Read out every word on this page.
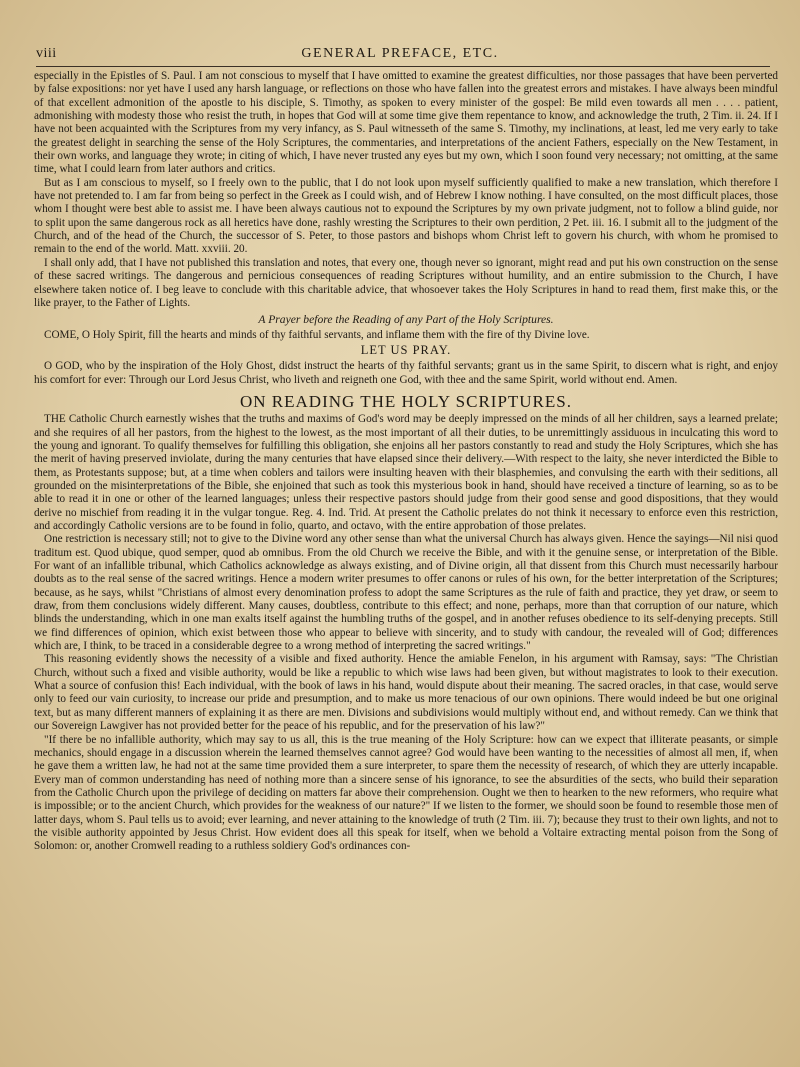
viii	GENERAL PREFACE, ETC.

especially in the Epistles of S. Paul. I am not conscious to myself that I have omitted to examine the greatest difficulties, nor those passages that have been perverted by false expositions: nor yet have I used any harsh language, or reflections on those who have fallen into the greatest errors and mistakes. I have always been mindful of that excellent admonition of the apostle to his disciple, S. Timothy, as spoken to every minister of the gospel: Be mild even towards all men . . . . patient, admonishing with modesty those who resist the truth, in hopes that God will at some time give them repentance to know, and acknowledge the truth, 2 Tim. ii. 24. If I have not been acquainted with the Scriptures from my very infancy, as S. Paul witnesseth of the same S. Timothy, my inclinations, at least, led me very early to take the greatest delight in searching the sense of the Holy Scriptures, the commentaries, and interpretations of the ancient Fathers, especially on the New Testament, in their own works, and language they wrote; in citing of which, I have never trusted any eyes but my own, which I soon found very necessary; not omitting, at the same time, what I could learn from later authors and critics.

But as I am conscious to myself, so I freely own to the public, that I do not look upon myself sufficiently qualified to make a new translation, which therefore I have not pretended to. I am far from being so perfect in the Greek as I could wish, and of Hebrew I know nothing. I have consulted, on the most difficult places, those whom I thought were best able to assist me. I have been always cautious not to expound the Scriptures by my own private judgment, not to follow a blind guide, nor to split upon the same dangerous rock as all heretics have done, rashly wresting the Scriptures to their own perdition, 2 Pet. iii. 16. I submit all to the judgment of the Church, and of the head of the Church, the successor of S. Peter, to those pastors and bishops whom Christ left to govern his church, with whom he promised to remain to the end of the world. Matt. xxviii. 20.

I shall only add, that I have not published this translation and notes, that every one, though never so ignorant, might read and put his own construction on the sense of these sacred writings. The dangerous and pernicious consequences of reading Scriptures without humility, and an entire submission to the Church, I have elsewhere taken notice of. I beg leave to conclude with this charitable advice, that whosoever takes the Holy Scriptures in hand to read them, first make this, or the like prayer, to the Father of Lights.

A Prayer before the Reading of any Part of the Holy Scriptures.

COME, O Holy Spirit, fill the hearts and minds of thy faithful servants, and inflame them with the fire of thy Divine love.

LET US PRAY.

O GOD, who by the inspiration of the Holy Ghost, didst instruct the hearts of thy faithful servants; grant us in the same Spirit, to discern what is right, and enjoy his comfort for ever: Through our Lord Jesus Christ, who liveth and reigneth one God, with thee and the same Spirit, world without end. Amen.

ON READING THE HOLY SCRIPTURES.

THE Catholic Church earnestly wishes that the truths and maxims of God's word may be deeply impressed on the minds of all her children, says a learned prelate; and she requires of all her pastors, from the highest to the lowest, as the most important of all their duties, to be unremittingly assiduous in inculcating this word to the young and ignorant. To qualify themselves for fulfilling this obligation, she enjoins all her pastors constantly to read and study the Holy Scriptures, which she has the merit of having preserved inviolate, during the many centuries that have elapsed since their delivery.—With respect to the laity, she never interdicted the Bible to them, as Protestants suppose; but, at a time when coblers and tailors were insulting heaven with their blasphemies, and convulsing the earth with their seditions, all grounded on the misinterpretations of the Bible, she enjoined that such as took this mysterious book in hand, should have received a tincture of learning, so as to be able to read it in one or other of the learned languages; unless their respective pastors should judge from their good sense and good dispositions, that they would derive no mischief from reading it in the vulgar tongue. Reg. 4. Ind. Trid. At present the Catholic prelates do not think it necessary to enforce even this restriction, and accordingly Catholic versions are to be found in folio, quarto, and octavo, with the entire approbation of those prelates.

One restriction is necessary still; not to give to the Divine word any other sense than what the universal Church has always given. Hence the sayings—Nil nisi quod traditum est. Quod ubique, quod semper, quod ab omnibus. From the old Church we receive the Bible, and with it the genuine sense, or interpretation of the Bible. For want of an infallible tribunal, which Catholics acknowledge as always existing, and of Divine origin, all that dissent from this Church must necessarily harbour doubts as to the real sense of the sacred writings. Hence a modern writer presumes to offer canons or rules of his own, for the better interpretation of the Scriptures; because, as he says, whilst "Christians of almost every denomination profess to adopt the same Scriptures as the rule of faith and practice, they yet draw, or seem to draw, from them conclusions widely different. Many causes, doubtless, contribute to this effect; and none, perhaps, more than that corruption of our nature, which blinds the understanding, which in one man exalts itself against the humbling truths of the gospel, and in another refuses obedience to its self-denying precepts. Still we find differences of opinion, which exist between those who appear to believe with sincerity, and to study with candour, the revealed will of God; differences which are, I think, to be traced in a considerable degree to a wrong method of interpreting the sacred writings."

This reasoning evidently shows the necessity of a visible and fixed authority. Hence the amiable Fenelon, in his argument with Ramsay, says: "The Christian Church, without such a fixed and visible authority, would be like a republic to which wise laws had been given, but without magistrates to look to their execution. What a source of confusion this! Each individual, with the book of laws in his hand, would dispute about their meaning. The sacred oracles, in that case, would serve only to feed our vain curiosity, to increase our pride and presumption, and to make us more tenacious of our own opinions. There would indeed be but one original text, but as many different manners of explaining it as there are men. Divisions and subdivisions would multiply without end, and without remedy. Can we think that our Sovereign Lawgiver has not provided better for the peace of his republic, and for the preservation of his law?"

"If there be no infallible authority, which may say to us all, this is the true meaning of the Holy Scripture: how can we expect that illiterate peasants, or simple mechanics, should engage in a discussion wherein the learned themselves cannot agree? God would have been wanting to the necessities of almost all men, if, when he gave them a written law, he had not at the same time provided them a sure interpreter, to spare them the necessity of research, of which they are utterly incapable. Every man of common understanding has need of nothing more than a sincere sense of his ignorance, to see the absurdities of the sects, who build their separation from the Catholic Church upon the privilege of deciding on matters far above their comprehension. Ought we then to hearken to the new reformers, who require what is impossible; or to the ancient Church, which provides for the weakness of our nature?" If we listen to the former, we should soon be found to resemble those men of latter days, whom S. Paul tells us to avoid; ever learning, and never attaining to the knowledge of truth (2 Tim. iii. 7); because they trust to their own lights, and not to the visible authority appointed by Jesus Christ. How evident does all this speak for itself, when we behold a Voltaire extracting mental poison from the Song of Solomon: or, another Cromwell reading to a ruthless soldiery God's ordinances con-
